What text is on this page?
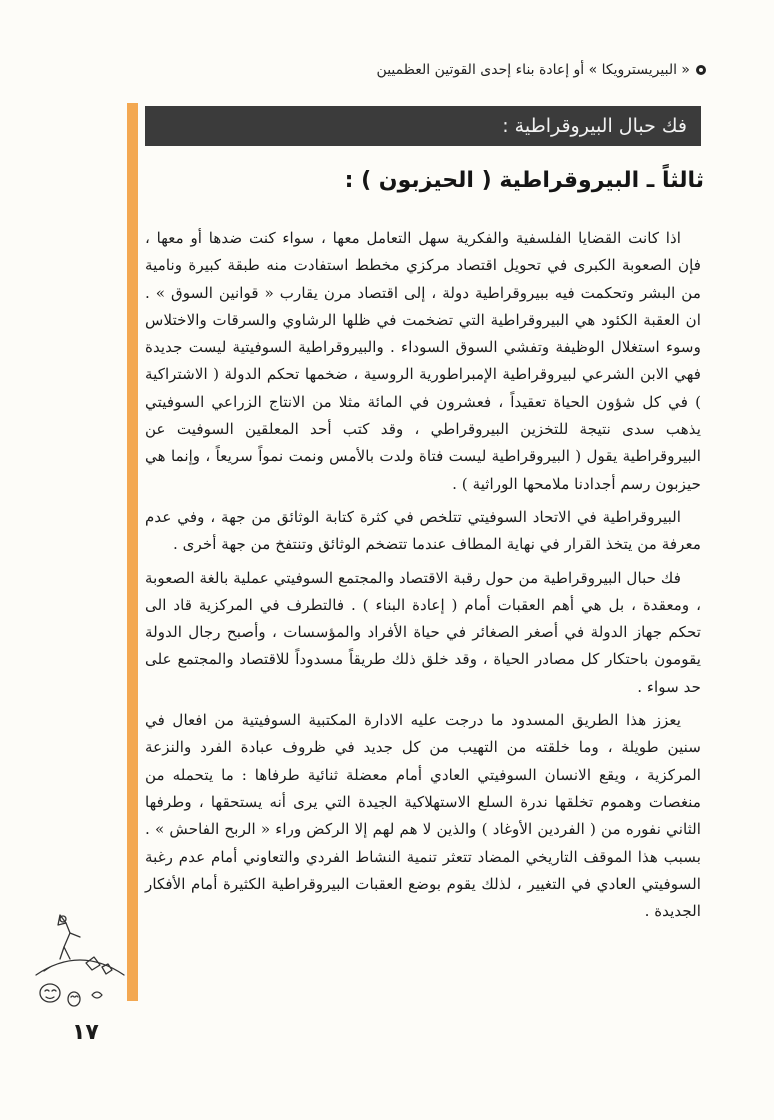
« البيريسترويكا » أو إعادة بناء إحدى القوتين العظميين
فك حبال البيروقراطية :
ثالثاً ـ البيروقراطية ( الحيزبون ) :

اذا كانت القضايا الفلسفية والفكرية سهل التعامل معها ، سواء كنت ضدها أو معها ، فإن الصعوبة الكبرى في تحويل اقتصاد مركزي مخطط استفادت منه طبقة كبيرة ونامية من البشر وتحكمت فيه ببيروقراطية دولة ، إلى اقتصاد مرن يقارب « قوانين السوق » . ان العقبة الكئود هي البيروقراطية التي تضخمت في ظلها الرشاوي والسرقات والاختلاس وسوء استغلال الوظيفة وتفشي السوق السوداء . والبيروقراطية السوفيتية ليست جديدة فهي الابن الشرعي لبيروقراطية الإمبراطورية الروسية ، ضخمها تحكم الدولة ( الاشتراكية ) في كل شؤون الحياة تعقيداً ، فعشرون في المائة مثلا من الانتاج الزراعي السوفيتي يذهب سدى نتيجة للتخزين البيروقراطي ، وقد كتب أحد المعلقين السوفيت عن البيروقراطية يقول ( البيروقراطية ليست فتاة ولدت بالأمس ونمت نمواً سريعاً ، وإنما هي حيزبون رسم أجدادنا ملامحها الوراثية ) .

البيروقراطية في الاتحاد السوفيتي تتلخص في كثرة كتابة الوثائق من جهة ، وفي عدم معرفة من يتخذ القرار في نهاية المطاف عندما تتضخم الوثائق وتنتفخ من جهة أخرى .

فك حبال البيروقراطية من حول رقبة الاقتصاد والمجتمع السوفيتي عملية بالغة الصعوبة ، ومعقدة ، بل هي أهم العقبات أمام ( إعادة البناء ) . فالتطرف في المركزية قاد الى تحكم جهاز الدولة في أصغر الصغائر في حياة الأفراد والمؤسسات ، وأصبح رجال الدولة يقومون باحتكار كل مصادر الحياة ، وقد خلق ذلك طريقاً مسدوداً للاقتصاد والمجتمع على حد سواء .

يعزز هذا الطريق المسدود ما درجت عليه الادارة المكتبية السوفيتية من افعال في سنين طويلة ، وما خلقته من التهيب من كل جديد في ظروف عبادة الفرد والنزعة المركزية ، ويقع الانسان السوفيتي العادي أمام معضلة ثنائية طرفاها : ما يتحمله من منغصات وهموم تخلقها ندرة السلع الاستهلاكية الجيدة التي يرى أنه يستحقها ، وطرفها الثاني نفوره من ( الفردين الأوغاد ) والذين لا هم لهم إلا الركض وراء « الربح الفاحش » . بسبب هذا الموقف التاريخي المضاد تتعثر تنمية النشاط الفردي والتعاوني أمام عدم رغبة السوفيتي العادي في التغيير ، لذلك يقوم بوضع العقبات البيروقراطية الكثيرة أمام الأفكار الجديدة .

١٧
